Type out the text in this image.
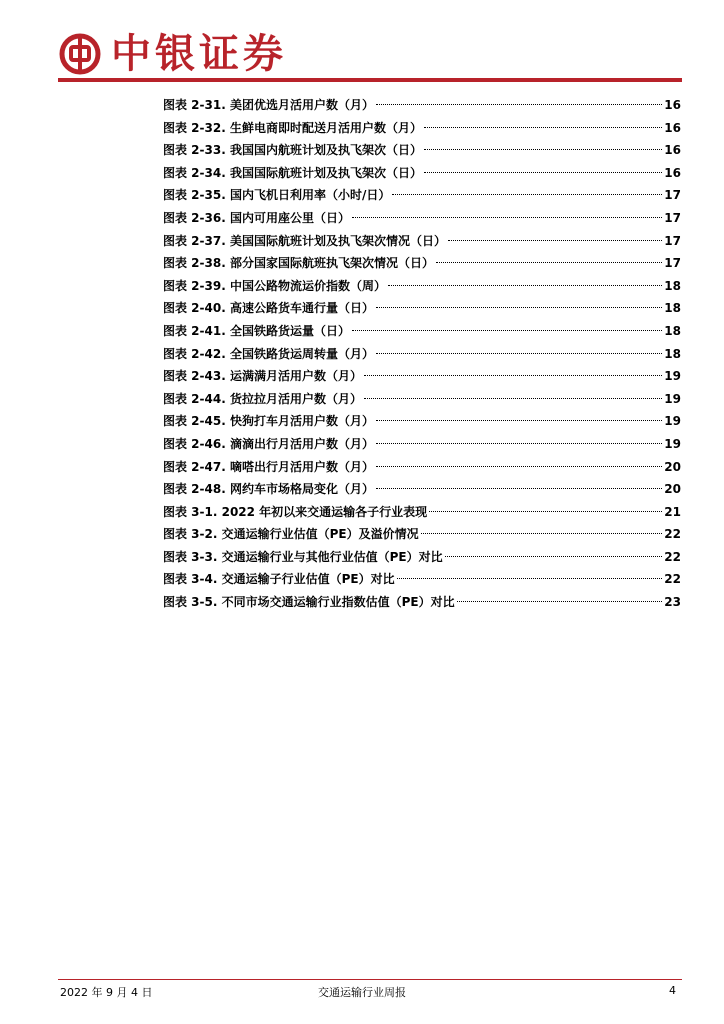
中银证券
图表 2-31. 美团优选月活用户数（月）	16
图表 2-32. 生鲜电商即时配送月活用户数（月）	16
图表 2-33. 我国国内航班计划及执飞架次（日）	16
图表 2-34. 我国国际航班计划及执飞架次（日）	16
图表 2-35. 国内飞机日利用率（小时/日）	17
图表 2-36. 国内可用座公里（日）	17
图表 2-37. 美国国际航班计划及执飞架次情况（日）	17
图表 2-38. 部分国家国际航班执飞架次情况（日）	17
图表 2-39. 中国公路物流运价指数（周）	18
图表 2-40. 高速公路货车通行量（日）	18
图表 2-41. 全国铁路货运量（日）	18
图表 2-42. 全国铁路货运周转量（月）	18
图表 2-43. 运满满月活用户数（月）	19
图表 2-44. 货拉拉月活用户数（月）	19
图表 2-45. 快狗打车月活用户数（月）	19
图表 2-46. 滴滴出行月活用户数（月）	19
图表 2-47. 嘀嗒出行月活用户数（月）	20
图表 2-48. 网约车市场格局变化（月）	20
图表 3-1. 2022 年初以来交通运输各子行业表现	21
图表 3-2. 交通运输行业估值（PE）及溢价情况	22
图表 3-3. 交通运输行业与其他行业估值（PE）对比	22
图表 3-4. 交通运输子行业估值（PE）对比	22
图表 3-5. 不同市场交通运输行业指数估值（PE）对比	23
2022 年 9 月 4 日	交通运输行业周报	4
